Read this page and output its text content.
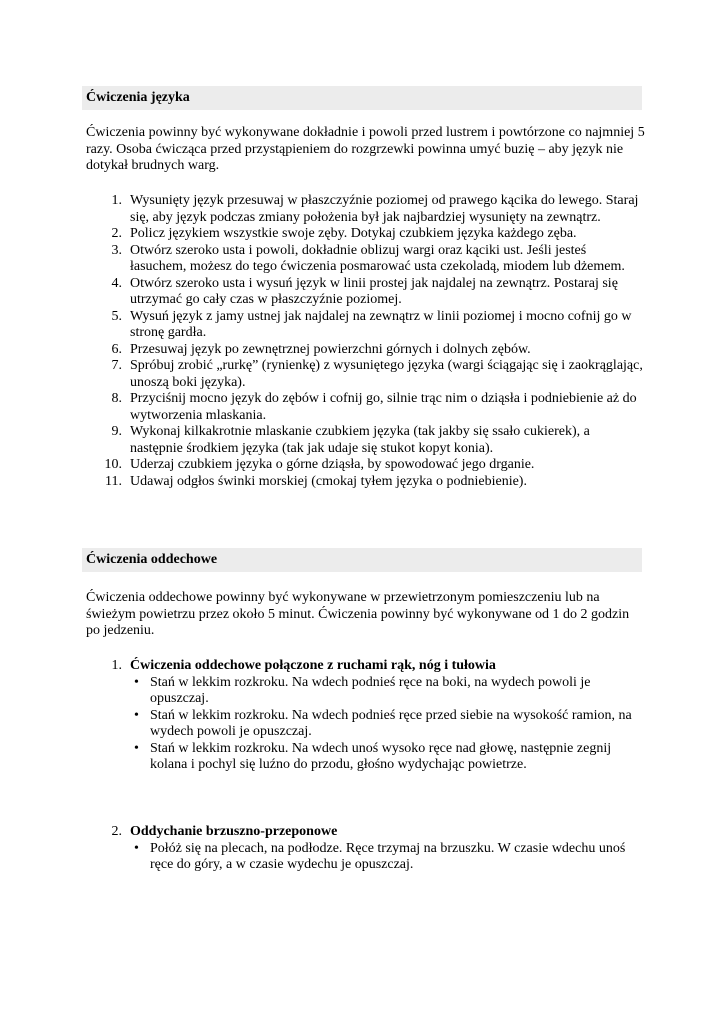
Ćwiczenia języka

Ćwiczenia powinny być wykonywane dokładnie i powoli przed lustrem i powtórzone co najmniej 5 razy. Osoba ćwicząca przed przystąpieniem do rozgrzewki powinna umyć buzię – aby język nie dotykał brudnych warg.

1. Wysunięty język przesuwaj w płaszczyźnie poziomej od prawego kącika do lewego. Staraj się, aby język podczas zmiany położenia był jak najbardziej wysunięty na zewnątrz.
2. Policz językiem wszystkie swoje zęby. Dotykaj czubkiem języka każdego zęba.
3. Otwórz szeroko usta i powoli, dokładnie oblizuj wargi oraz kąciki ust. Jeśli jesteś łasuchem, możesz do tego ćwiczenia posmarować usta czekoladą, miodem lub dżemem.
4. Otwórz szeroko usta i wysuń język w linii prostej jak najdalej na zewnątrz. Postaraj się utrzymać go cały czas w płaszczyźnie poziomej.
5. Wysuń język z jamy ustnej jak najdalej na zewnątrz w linii poziomej i mocno cofnij go w stronę gardła.
6. Przesuwaj język po zewnętrznej powierzchni górnych i dolnych zębów.
7. Spróbuj zrobić „rurkę” (rynienkę) z wysuniętego języka (wargi ściągając się i zaokrąglając, unoszą boki języka).
8. Przyciśnij mocno język do zębów i cofnij go, silnie trąc nim o dziąsła i podniebienie aż do wytworzenia mlaskania.
9. Wykonaj kilkakrotnie mlaskanie czubkiem języka (tak jakby się ssało cukierek), a następnie środkiem języka (tak jak udaje się stukot kopyt konia).
10. Uderzaj czubkiem języka o górne dziąsła, by spowodować jego drganie.
11. Udawaj odgłos świnki morskiej (cmokaj tyłem języka o podniebienie).
Ćwiczenia oddechowe

Ćwiczenia oddechowe powinny być wykonywane w przewietrzonym pomieszczeniu lub na świeżym powietrzu przez około 5 minut. Ćwiczenia powinny być wykonywane od 1 do 2 godzin po jedzeniu.

1. Ćwiczenia oddechowe połączone z ruchami rąk, nóg i tułowia
• Stań w lekkim rozkroku. Na wdech podnieś ręce na boki, na wydech powoli je opuszczaj.
• Stań w lekkim rozkroku. Na wdech podnieś ręce przed siebie na wysokość ramion, na wydech powoli je opuszczaj.
• Stań w lekkim rozkroku. Na wdech unoś wysoko ręce nad głowę, następnie zegnij kolana i pochyl się luźno do przodu, głośno wydychając powietrze.
2. Oddychanie brzuszno-przeponowe
• Połóż się na plecach, na podłodze. Ręce trzymaj na brzuszku. W czasie wdechu unoś ręce do góry, a w czasie wydechu je opuszczaj.
